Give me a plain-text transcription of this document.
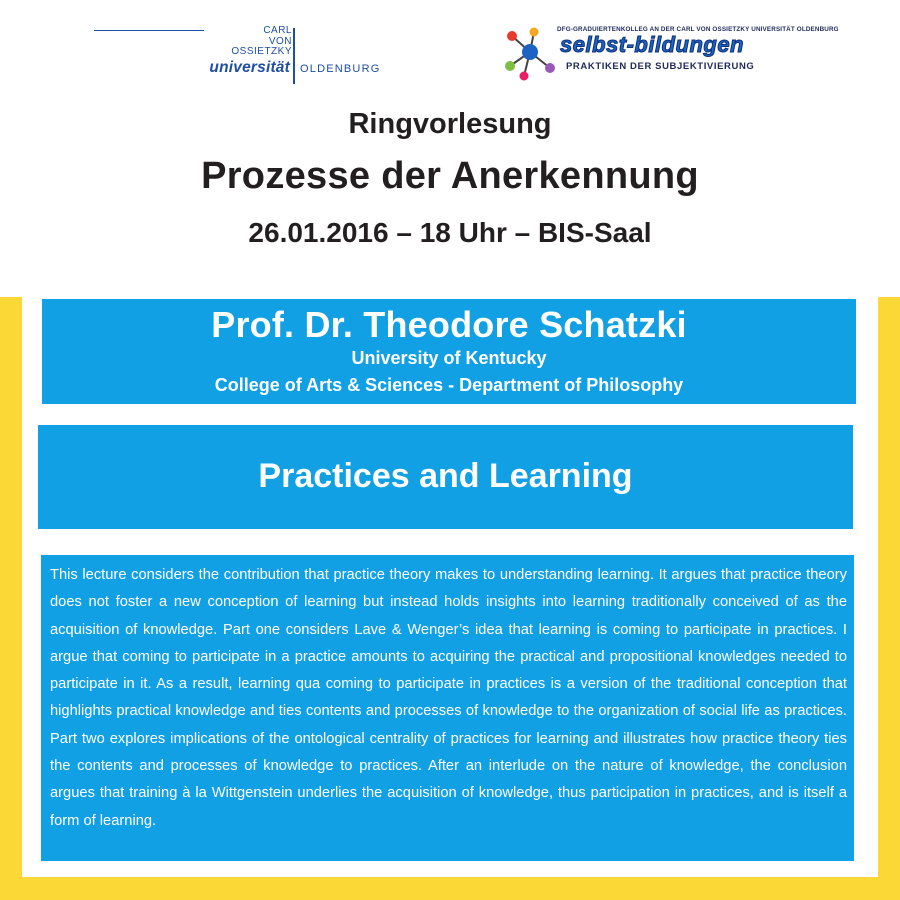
CARL
VON
OSSIETZKY
universität OLDENBURG
DFG-GRADUIERTENKOLLEG AN DER CARL VON OSSIETZKY UNIVERSITÄT OLDENBURG
selbst-bildungen
PRAKTIKEN DER SUBJEKTIVIERUNG
Ringvorlesung
Prozesse der Anerkennung
26.01.2016 – 18 Uhr – BIS-Saal
Prof. Dr. Theodore Schatzki
University of Kentucky
College of Arts & Sciences - Department of Philosophy
Practices and Learning
This lecture considers the contribution that practice theory makes to understanding learning. It argues that practice theory does not foster a new conception of learning but instead holds insights into learning traditionally conceived of as the acquisition of knowledge. Part one considers Lave & Wenger’s idea that learning is coming to participate in practices. I argue that coming to participate in a practice amounts to acquiring the practical and propositional knowledges needed to participate in it. As a result, learning qua coming to participate in practices is a version of the traditional conception that highlights practical knowledge and ties contents and processes of knowledge to the organization of social life as practices. Part two explores implications of the ontological centrality of practices for learning and illustrates how practice theory ties the contents and processes of knowledge to practices. After an interlude on the nature of knowledge, the conclusion argues that training à la Wittgenstein underlies the acquisition of knowledge, thus participation in practices, and is itself a form of learning.
